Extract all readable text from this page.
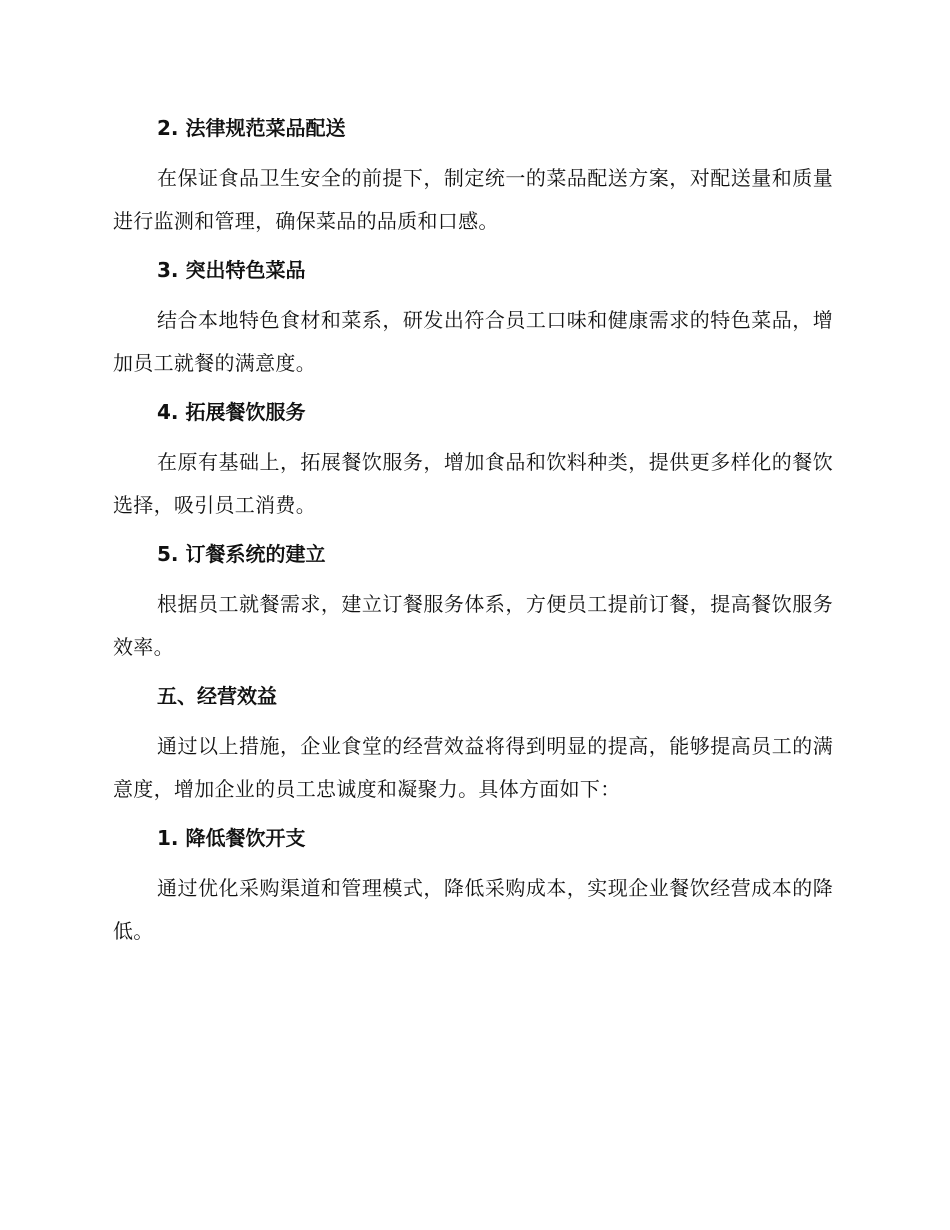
2. 法律规范菜品配送

在保证食品卫生安全的前提下，制定统一的菜品配送方案，对配送量和质量进行监测和管理，确保菜品的品质和口感。

3. 突出特色菜品

结合本地特色食材和菜系，研发出符合员工口味和健康需求的特色菜品，增加员工就餐的满意度。

4. 拓展餐饮服务

在原有基础上，拓展餐饮服务，增加食品和饮料种类，提供更多样化的餐饮选择，吸引员工消费。

5. 订餐系统的建立

根据员工就餐需求，建立订餐服务体系，方便员工提前订餐，提高餐饮服务效率。

五、经营效益

通过以上措施，企业食堂的经营效益将得到明显的提高，能够提高员工的满意度，增加企业的员工忠诚度和凝聚力。具体方面如下：

1. 降低餐饮开支

通过优化采购渠道和管理模式，降低采购成本，实现企业餐饮经营成本的降低。
